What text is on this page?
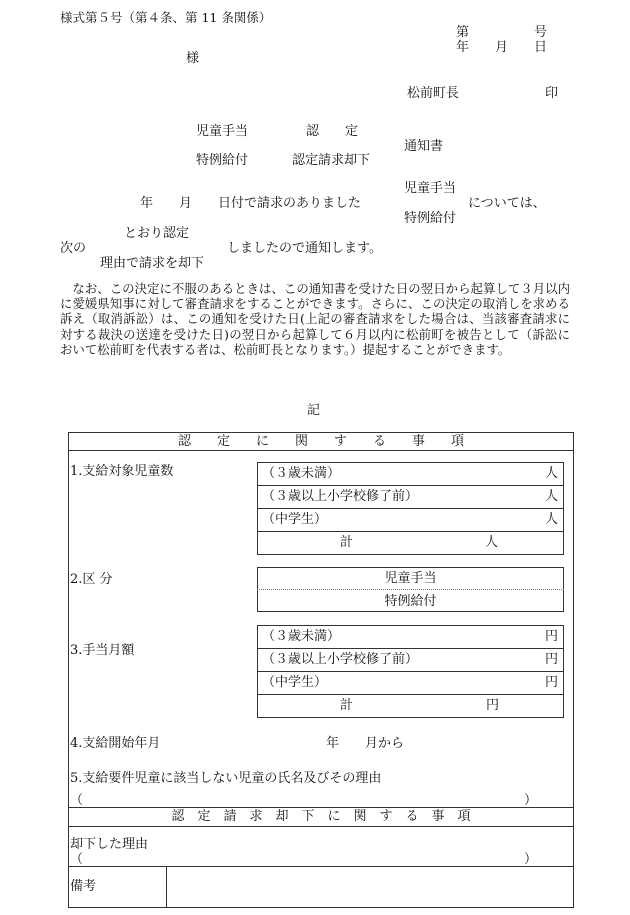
様式第５号（第４条、第 11 条関係）
第　　　　　号
年　　月　　日
様
松前町長	印
児童手当	認　　定
特例給付	認定請求却下
通知書
児童手当
年　　月　　日付で請求のありました	については、
特例給付
とおり認定
次の	しましたので通知します。
理由で請求を却下

なお、この決定に不服のあるときは、この通知書を受けた日の翌日から起算して３月以内に愛媛県知事に対して審査請求をすることができます。さらに、この決定の取消しを求める訴え（取消訴訟）は、この通知を受けた日(上記の審査請求をした場合は、当該審査請求に対する裁決の送達を受けた日)の翌日から起算して６月以内に松前町を被告として（訴訟において松前町を代表する者は、松前町長となります。）提起することができます。

記
認　　定　　に　　関　　す　　る　　事　　項
1.支給対象児童数	（３歳未満）	人
（３歳以上小学校修了前）	人
（中学生）	人
計	人
2.区 分	児童手当
特例給付
3.手当月額
（３歳未満）	円
（３歳以上小学校修了前）	円
（中学生）	円
計	円
4.支給開始年月	年　　月から
5.支給要件児童に該当しない児童の氏名及びその理由
（	）
認　定　請　求　却　下　に　関　す　る　事　項
却下した理由
（	）
備考
